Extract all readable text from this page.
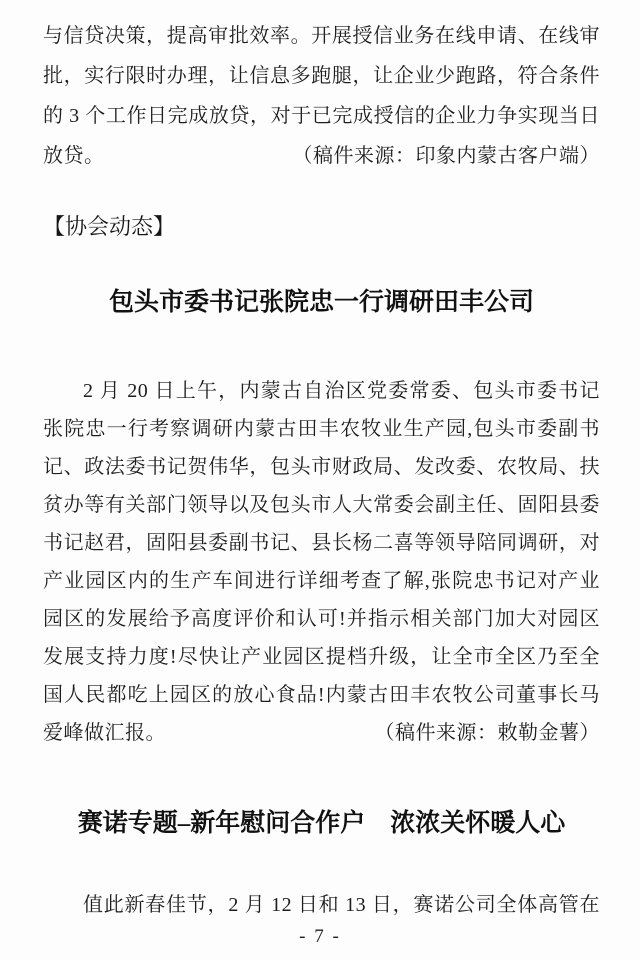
与信贷决策，提高审批效率。开展授信业务在线申请、在线审
批，实行限时办理，让信息多跑腿，让企业少跑路，符合条件
的 3 个工作日完成放贷，对于已完成授信的企业力争实现当日
放贷。	（稿件来源：印象内蒙古客户端）
【协会动态】
包头市委书记张院忠一行调研田丰公司
2 月 20 日上午，内蒙古自治区党委常委、包头市委书记
张院忠一行考察调研内蒙古田丰农牧业生产园,包头市委副书
记、政法委书记贺伟华，包头市财政局、发改委、农牧局、扶
贫办等有关部门领导以及包头市人大常委会副主任、固阳县委
书记赵君，固阳县委副书记、县长杨二喜等领导陪同调研，对
产业园区内的生产车间进行详细考查了解,张院忠书记对产业
园区的发展给予高度评价和认可!并指示相关部门加大对园区
发展支持力度!尽快让产业园区提档升级，让全市全区乃至全
国人民都吃上园区的放心食品!内蒙古田丰农牧公司董事长马
爱峰做汇报。	（稿件来源：敕勒金薯）
赛诺专题–新年慰问合作户　浓浓关怀暖人心
值此新春佳节，2 月 12 日和 13 日，赛诺公司全体高管在
- 7 -
